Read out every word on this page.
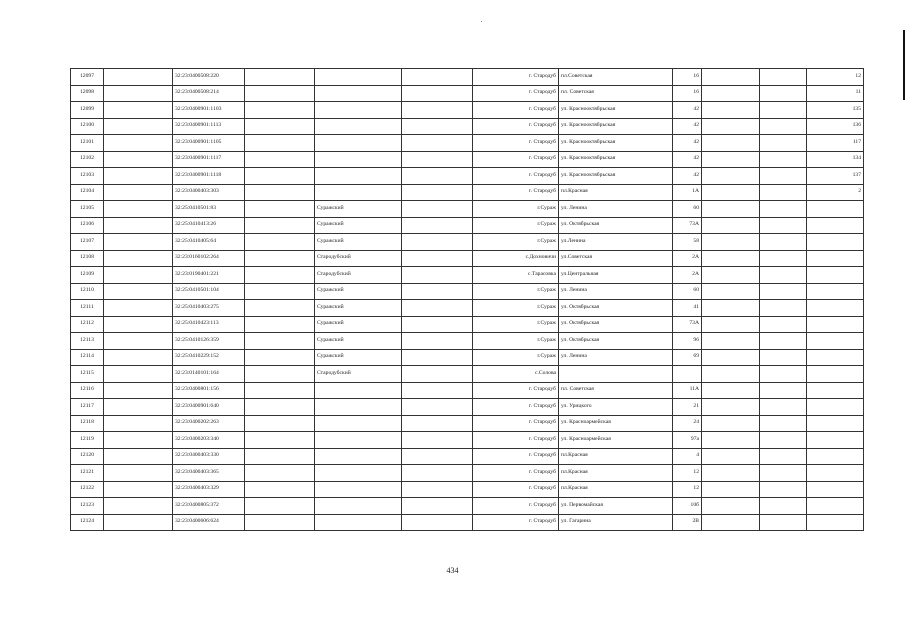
12097		32:23:0400508:220				г. Стародуб	пл.Советская	16			12
12098		32:23:0400508:214				г. Стародуб	пл. Советская	16			11
12099		32:23:0400901:1103				г. Стародуб	ул. Краснооктябрьская	42			135
12100		32:23:0400901:1113				г. Стародуб	ул. Краснооктябрьская	42			136
12101		32:23:0400901:1105				г. Стародуб	ул. Краснооктябрьская	42			117
12102		32:23:0400901:1117				г. Стародуб	ул. Краснооктябрьская	42			134
12103		32:23:0400901:1118				г. Стародуб	ул. Краснооктябрьская	42			137
12104		32:23:0400403:303				г. Стародуб	пл.Красная	1А			2
12105		32:25:0410501:83		Суражский		г.Сураж	ул. Ленина	60			
12106		32:25:0410413:26		Суражский		г.Сураж	ул. Октябрьская	73А			
12107		32:25:0410405:64		Суражский		г.Сураж	ул.Ленина	58			
12108		32:23:0160102:264		Стародубский		с.Дохновичи	ул.Советская	2А			
12109		32:23:0190401:221		Стародубский		с.Тарасовка	ул.Центральная	2А			
12110		32:25:0410501:104		Суражский		г.Сураж	ул. Ленина	60			
12111		32:25:0410403:275		Суражский		г.Сураж	ул. Октябрьская	41			
12112		32:25:0410423:113		Суражский		г.Сураж	ул. Октябрьская	73А			
12113		32:25:0410126:359		Суражский		г.Сураж	ул. Октябрьская	96			
12114		32:25:0410229:152		Суражский		г.Сураж	ул. Ленина	69			
12115		32:23:0140101:164		Стародубский		с.Солова					
12116		32:23:0400801:156				г. Стародуб	пл. Советская	11А			
12117		32:23:0400901:640				г. Стародуб	ул. Урицкого	21			
12118		32:23:0400202:263				г. Стародуб	ул. Красноармейская	24			
12119		32:23:0400203:340				г. Стародуб	ул. Красноармейская	97а			
12120		32:23:0400403:330				г. Стародуб	пл.Красная	4			
12121		32:23:0400403:365				г. Стародуб	пл.Красная	12			
12122		32:23:0400403:329				г. Стародуб	пл.Красная	12			
12123		32:23:0400805:372				г. Стародуб	ул. Первомайская	10б			
12124		32:23:0400606:624				г. Стародуб	ул. Гагарина	2В			
434
